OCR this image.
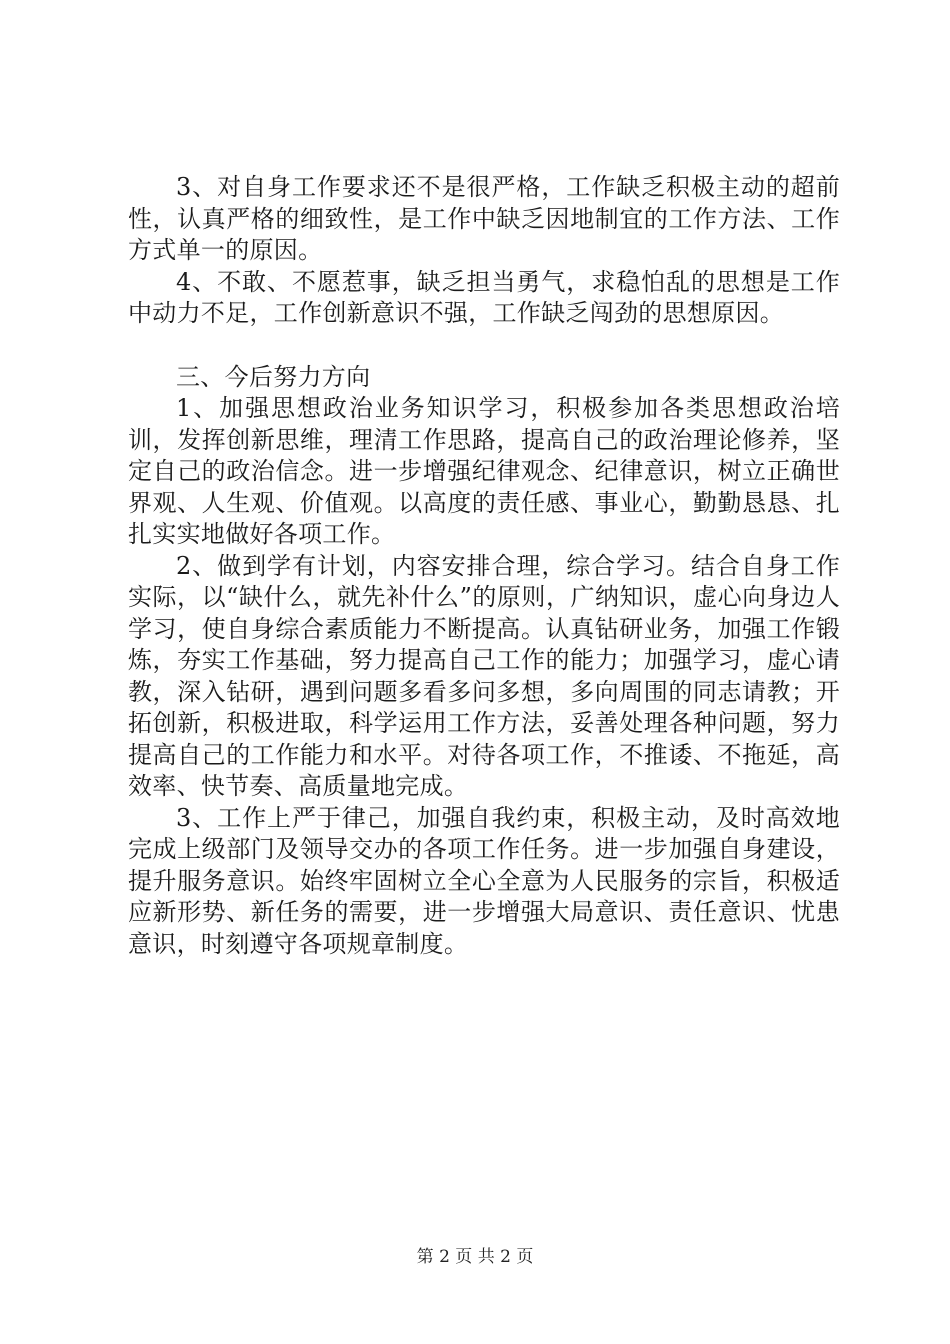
3、对自身工作要求还不是很严格，工作缺乏积极主动的超前性，认真严格的细致性，是工作中缺乏因地制宜的工作方法、工作方式单一的原因。

4、不敢、不愿惹事，缺乏担当勇气，求稳怕乱的思想是工作中动力不足，工作创新意识不强，工作缺乏闯劲的思想原因。

三、今后努力方向

1、加强思想政治业务知识学习，积极参加各类思想政治培训，发挥创新思维，理清工作思路，提高自己的政治理论修养，坚定自己的政治信念。进一步增强纪律观念、纪律意识，树立正确世界观、人生观、价值观。以高度的责任感、事业心，勤勤恳恳、扎扎实实地做好各项工作。

2、做到学有计划，内容安排合理，综合学习。结合自身工作实际，以“缺什么，就先补什么”的原则，广纳知识，虚心向身边人学习，使自身综合素质能力不断提高。认真钻研业务，加强工作锻炼，夯实工作基础，努力提高自己工作的能力；加强学习，虚心请教，深入钻研，遇到问题多看多问多想，多向周围的同志请教；开拓创新，积极进取，科学运用工作方法，妥善处理各种问题，努力提高自己的工作能力和水平。对待各项工作，不推诿、不拖延，高效率、快节奏、高质量地完成。

3、工作上严于律己，加强自我约束，积极主动，及时高效地完成上级部门及领导交办的各项工作任务。进一步加强自身建设，提升服务意识。始终牢固树立全心全意为人民服务的宗旨，积极适应新形势、新任务的需要，进一步增强大局意识、责任意识、忧患意识，时刻遵守各项规章制度。

第 2 页 共 2 页
